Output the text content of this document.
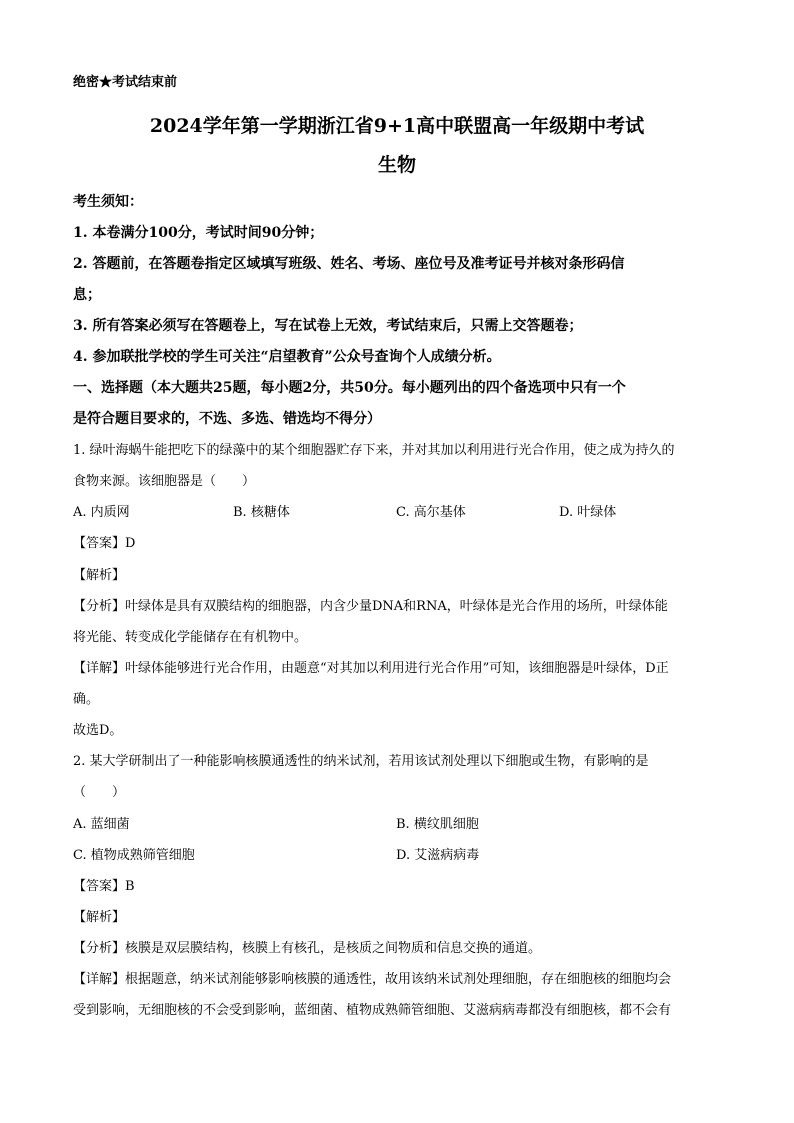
绝密★考试结束前
2024学年第一学期浙江省9+1高中联盟高一年级期中考试
生物
考生须知：
1. 本卷满分100分，考试时间90分钟；
2. 答题前，在答题卷指定区域填写班级、姓名、考场、座位号及准考证号并核对条形码信
息；
3. 所有答案必须写在答题卷上，写在试卷上无效，考试结束后，只需上交答题卷；
4. 参加联批学校的学生可关注“启望教育”公众号查询个人成绩分析。
一、选择题（本大题共25题，每小题2分，共50分。每小题列出的四个备选项中只有一个
是符合题目要求的，不选、多选、错选均不得分）
1. 绿叶海蜗牛能把吃下的绿藻中的某个细胞器贮存下来，并对其加以利用进行光合作用，使之成为持久的
食物来源。该细胞器是（　　）
A. 内质网	B. 核糖体	C. 高尔基体	D. 叶绿体
【答案】D
【解析】
【分析】叶绿体是具有双膜结构的细胞器，内含少量DNA和RNA，叶绿体是光合作用的场所，叶绿体能
将光能、转变成化学能储存在有机物中。
【详解】叶绿体能够进行光合作用，由题意“对其加以利用进行光合作用”可知，该细胞器是叶绿体，D正
确。
故选D。
2. 某大学研制出了一种能影响核膜通透性的纳米试剂，若用该试剂处理以下细胞或生物，有影响的是
（　　）
A. 蓝细菌	B. 横纹肌细胞
C. 植物成熟筛管细胞	D. 艾滋病病毒
【答案】B
【解析】
【分析】核膜是双层膜结构，核膜上有核孔，是核质之间物质和信息交换的通道。
【详解】根据题意，纳米试剂能够影响核膜的通透性，故用该纳米试剂处理细胞，存在细胞核的细胞均会
受到影响，无细胞核的不会受到影响，蓝细菌、植物成熟筛管细胞、艾滋病病毒都没有细胞核，都不会有
